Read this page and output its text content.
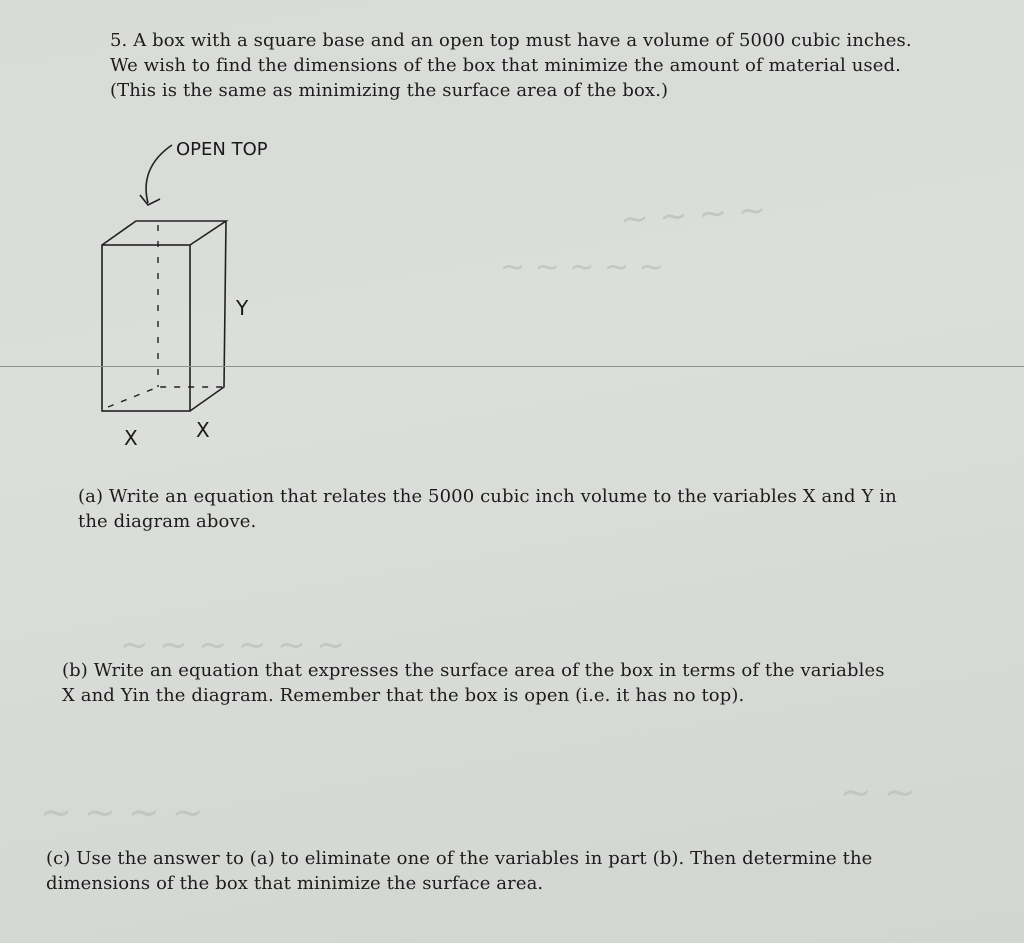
~ ~ ~ ~
~ ~ ~ ~ ~
~ ~ ~ ~ ~ ~
~ ~ ~ ~	~ ~
5. A box with a square base and an open top must have a volume of 5000 cubic inches.
We wish to find the dimensions of the box that minimize the amount of material used.
(This is the same as minimizing the surface area of the box.)
OPEN TOP
Y
X	X
(a) Write an equation that relates the 5000 cubic inch volume to the variables X and Y in
the diagram above.
(b) Write an equation that expresses the surface area of the box in terms of the variables
X and Yin the diagram. Remember that the box is open (i.e. it has no top).
(c) Use the answer to (a) to eliminate one of the variables in part (b). Then determine the
dimensions of the box that minimize the surface area.
